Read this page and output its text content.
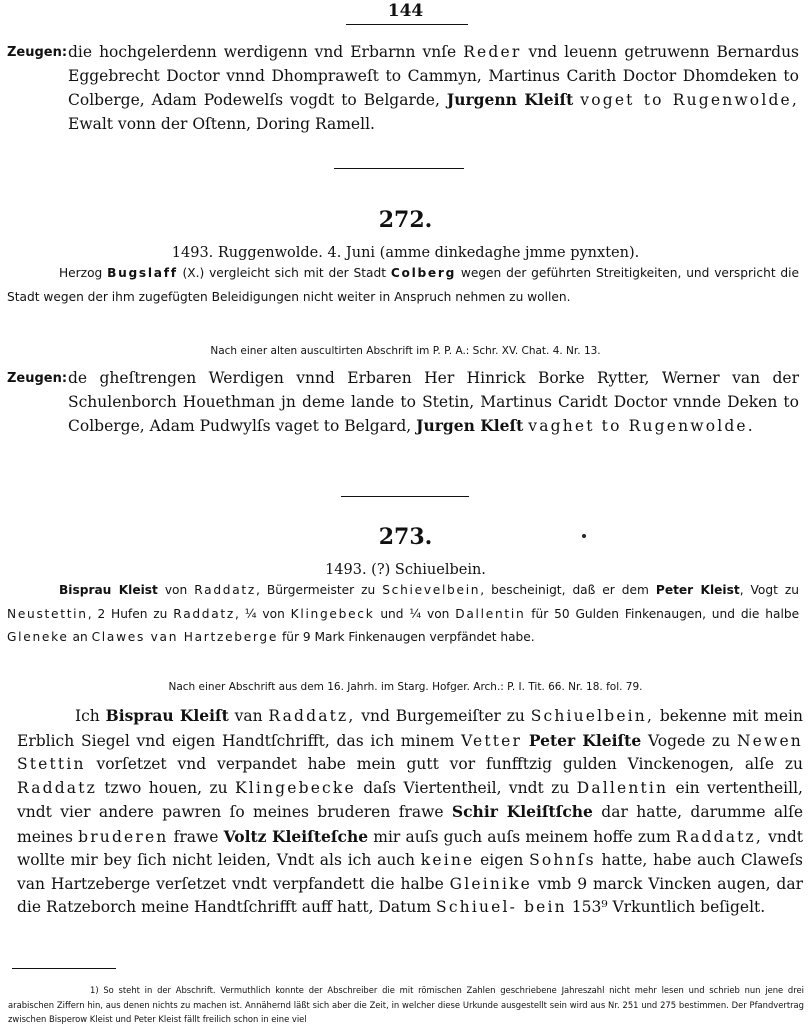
144
Zeugen: die hochgelerdenn werdigenn vnd Erbarnn vnſe Reder vnd leuenn getruwenn Bernardus Eggebrecht Doctor vnnd Dhompraweſt to Cammyn, Martinus Carith Doctor Dhomdeken to Colberge, Adam Podewelſs vogdt to Belgarde, Jurgenn Kleiſt voget to Rugenwolde, Ewalt vonn der Oſtenn, Doring Ramell.
272.
1493. Ruggenwolde. 4. Juni (amme dinkedaghe jmme pynxten).
Herzog Bugslaff (X.) vergleicht sich mit der Stadt Colberg wegen der geführten Streitigkeiten, und verspricht die Stadt wegen der ihm zugefügten Beleidigungen nicht weiter in Anspruch nehmen zu wollen.
Nach einer alten auscultirten Abschrift im P. P. A.: Schr. XV. Chat. 4. Nr. 13.
Zeugen: de gheſtrengen Werdigen vnnd Erbaren Her Hinrick Borke Rytter, Werner van der Schulenborch Houethman jn deme lande to Stetin, Martinus Caridt Doctor vnnde Deken to Colberge, Adam Pudwylſs vaget to Belgard, Jurgen Kleſt vaghet to Rugenwolde.
273.
1493. (?) Schiuelbein.
Bisprau Kleist von Raddatz, Bürgermeister zu Schievelbein, bescheinigt, daß er dem Peter Kleist, Vogt zu Neustettin, 2 Hufen zu Raddatz, ¼ von Klingebeck und ¼ von Dallentin für 50 Gulden Finkenaugen, und die halbe Gleneke an Clawes van Hartzeberge für 9 Mark Finkenaugen verpfändet habe.
Nach einer Abschrift aus dem 16. Jahrh. im Starg. Hofger. Arch.: P. I. Tit. 66. Nr. 18. fol. 79.
Ich Bisprau Kleiſt van Raddatz, vnd Burgemeiſter zu Schiuelbein, bekenne mit mein Erblich Siegel vnd eigen Handtſchrifft, das ich minem Vetter Peter Kleiſte Vogede zu Newen Stettin vorſetzet vnd verpandet habe mein gutt vor funfftzig gulden Vinckenogen, alſe zu Raddatz tzwo houen, zu Klingebecke daſs Viertentheil, vndt zu Dallentin ein vertentheill, vndt vier andere pawren ſo meines bruderen frawe Schir Kleiſtſche dar hatte, darumme alſe meines bruderen frawe Voltz Kleiſteſche mir auſs guch auſs meinem hoffe zum Raddatz, vndt wollte mir bey ſich nicht leiden, Vndt als ich auch keine eigen Sohnſs hatte, habe auch Claweſs van Hartzeberge verſetzet vndt verpfandett die halbe Gleinike vmb 9 marck Vincken augen, dar die Ratzeborch meine Handtſchrifft auff hatt, Datum Schiuel- bein 153⁹ Vrkuntlich beſigelt.
1) So steht in der Abschrift. Vermuthlich konnte der Abschreiber die mit römischen Zahlen geschriebene Jahreszahl nicht mehr lesen und schrieb nun jene drei arabischen Ziffern hin, aus denen nichts zu machen ist. Annähernd läßt sich aber die Zeit, in welcher diese Urkunde ausgestellt sein wird aus Nr. 251 und 275 bestimmen. Der Pfandvertrag zwischen Bisperow Kleist und Peter Kleist fällt freilich schon in eine viel
